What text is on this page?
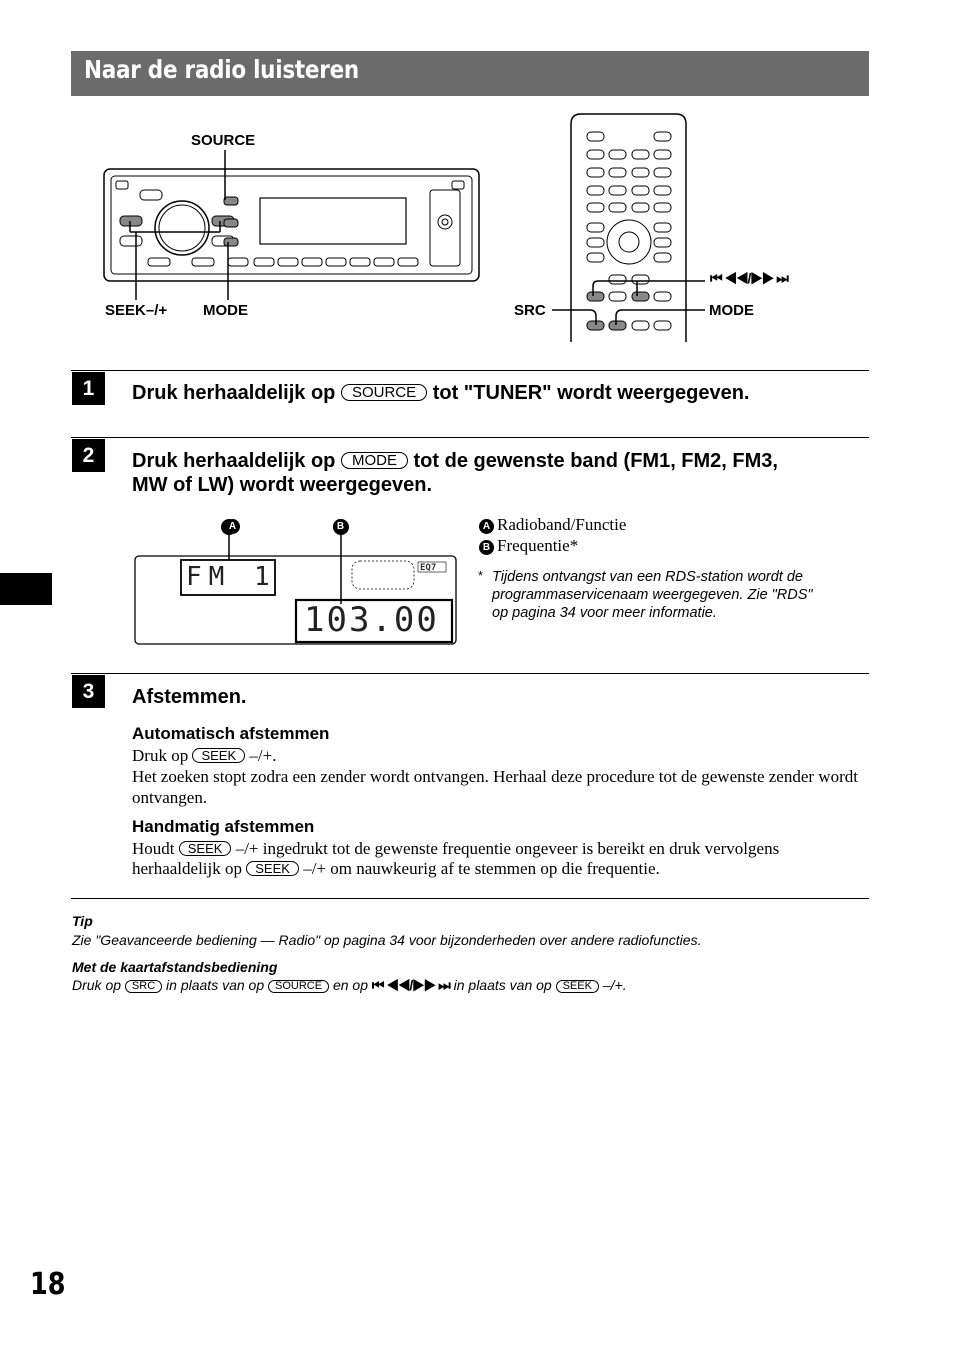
Naar de radio luisteren
SOURCE
SEEK–/+ MODE
⏮ ◀◀/▶▶ ⏭
SRC	MODE
1	Druk herhaaldelijk op SOURCE tot "TUNER" wordt weergegeven.
2	Druk herhaaldelijk op MODE tot de gewenste band (FM1, FM2, FM3,
MW of LW) wordt weergegeven.
A	B
FM 1
103.00
EQ7
A Radioband/Functie
B Frequentie*
* Tijdens ontvangst van een RDS-station wordt de
programmaservicenaam weergegeven. Zie "RDS"
op pagina 34 voor meer informatie.
3	Afstemmen.
Automatisch afstemmen
Druk op SEEK –/+.
Het zoeken stopt zodra een zender wordt ontvangen. Herhaal deze procedure tot de gewenste zender wordt ontvangen.
Handmatig afstemmen
Houdt SEEK –/+ ingedrukt tot de gewenste frequentie ongeveer is bereikt en druk vervolgens
herhaaldelijk op SEEK –/+ om nauwkeurig af te stemmen op die frequentie.
Tip
Zie "Geavanceerde bediening — Radio" op pagina 34 voor bijzonderheden over andere radiofuncties.
Met de kaartafstandsbediening
Druk op SRC in plaats van op SOURCE en op ⏮ ◀◀/▶▶ ⏭ in plaats van op SEEK –/+.
18
